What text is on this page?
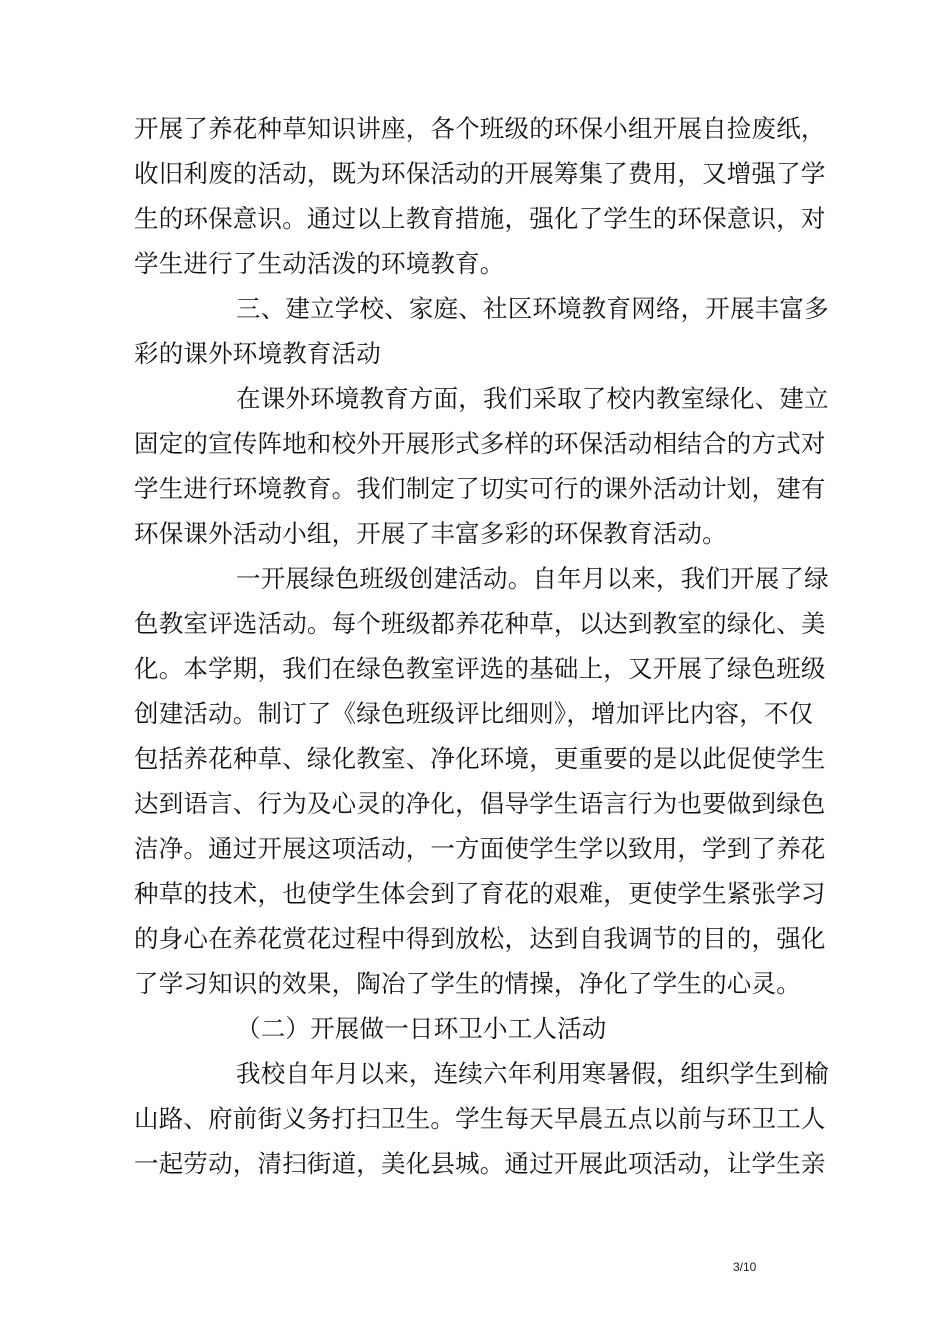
开展了养花种草知识讲座，各个班级的环保小组开展自捡废纸，
收旧利废的活动，既为环保活动的开展筹集了费用，又增强了学
生的环保意识。通过以上教育措施，强化了学生的环保意识，对
学生进行了生动活泼的环境教育。
三、建立学校、家庭、社区环境教育网络，开展丰富多
彩的课外环境教育活动
在课外环境教育方面，我们采取了校内教室绿化、建立
固定的宣传阵地和校外开展形式多样的环保活动相结合的方式对
学生进行环境教育。我们制定了切实可行的课外活动计划，建有
环保课外活动小组，开展了丰富多彩的环保教育活动。
一开展绿色班级创建活动。自年月以来，我们开展了绿
色教室评选活动。每个班级都养花种草，以达到教室的绿化、美
化。本学期，我们在绿色教室评选的基础上，又开展了绿色班级
创建活动。制订了《绿色班级评比细则》，增加评比内容，不仅
包括养花种草、绿化教室、净化环境，更重要的是以此促使学生
达到语言、行为及心灵的净化，倡导学生语言行为也要做到绿色
洁净。通过开展这项活动，一方面使学生学以致用，学到了养花
种草的技术，也使学生体会到了育花的艰难，更使学生紧张学习
的身心在养花赏花过程中得到放松，达到自我调节的目的，强化
了学习知识的效果，陶冶了学生的情操，净化了学生的心灵。
（二）开展做一日环卫小工人活动
我校自年月以来，连续六年利用寒暑假，组织学生到榆
山路、府前街义务打扫卫生。学生每天早晨五点以前与环卫工人
一起劳动，清扫街道，美化县城。通过开展此项活动，让学生亲
3/10
